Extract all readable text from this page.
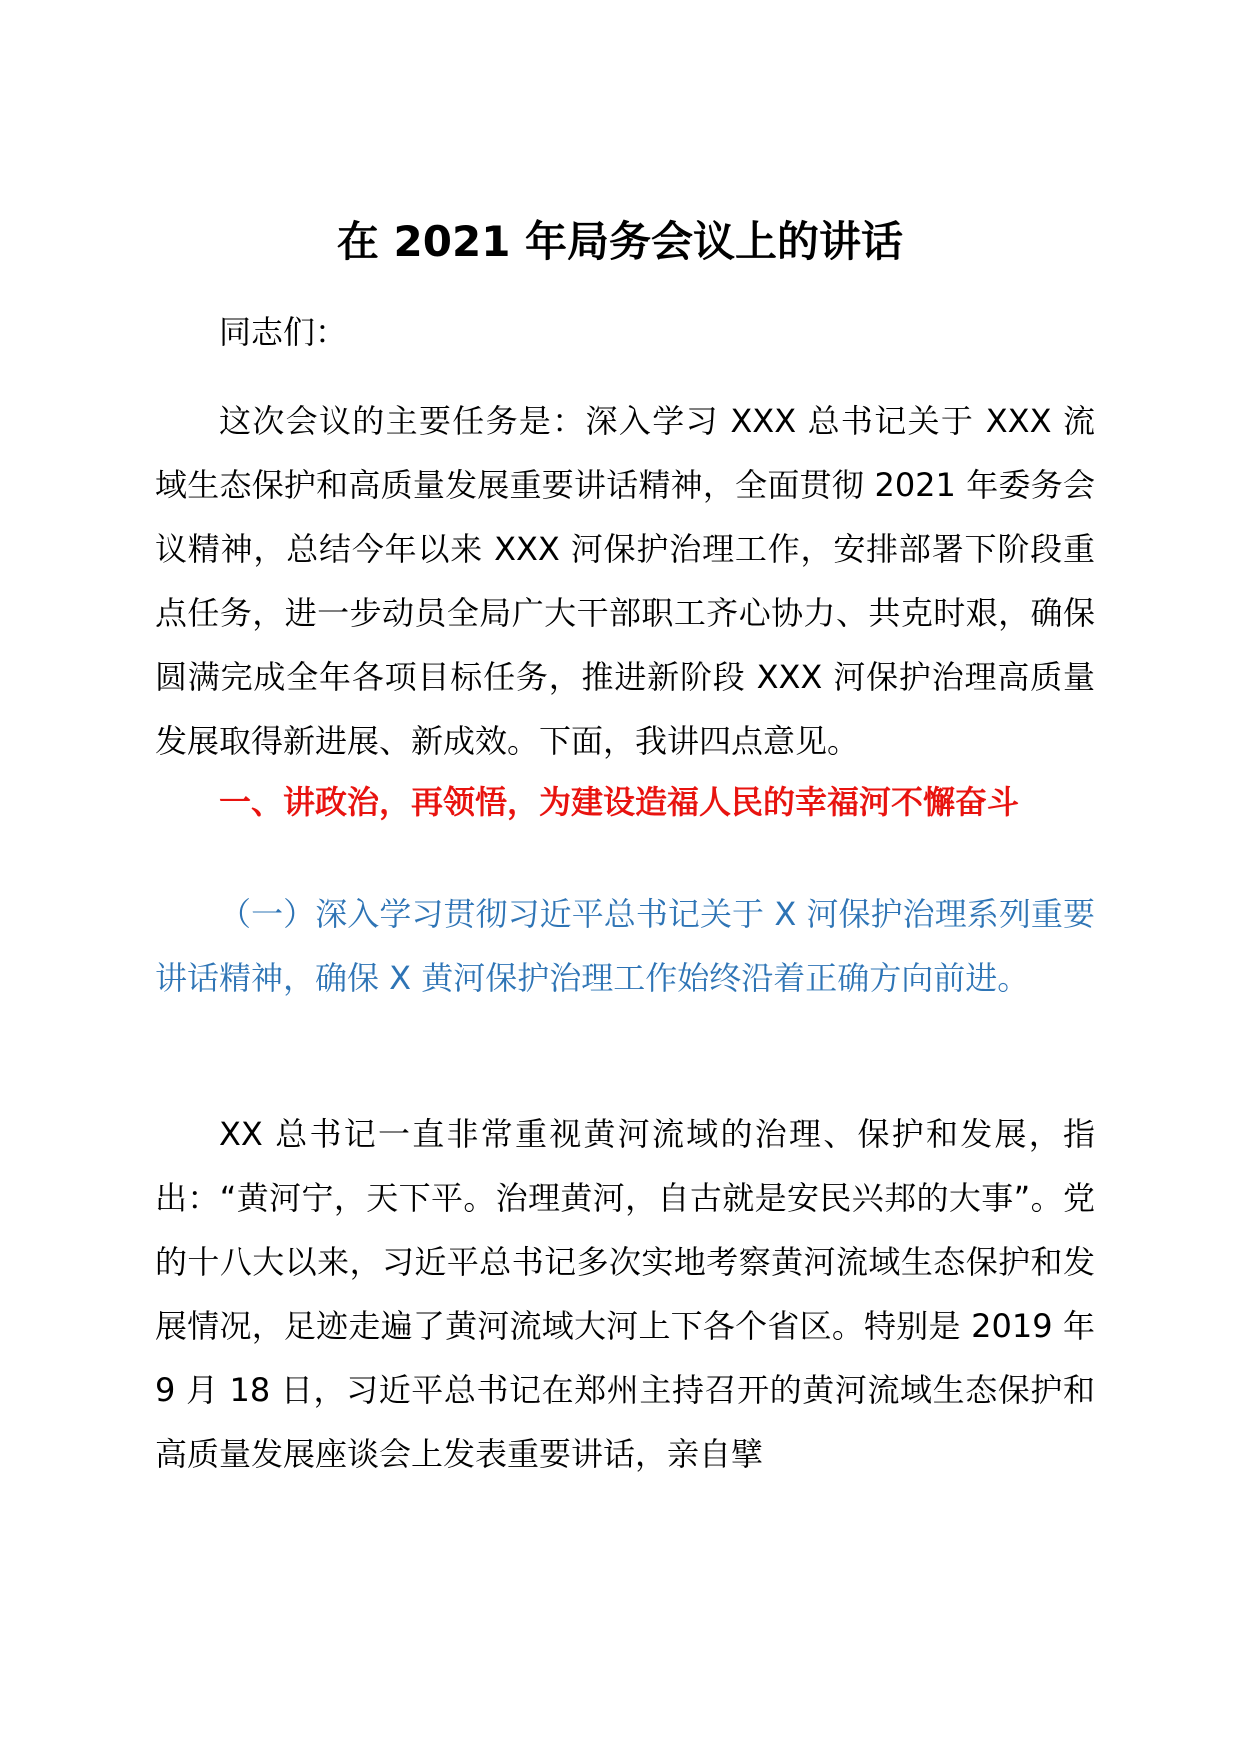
在 2021 年局务会议上的讲话

同志们：

这次会议的主要任务是：深入学习 XXX 总书记关于 XXX 流域生态保护和高质量发展重要讲话精神，全面贯彻 2021 年委务会议精神，总结今年以来 XXX 河保护治理工作，安排部署下阶段重点任务，进一步动员全局广大干部职工齐心协力、共克时艰，确保圆满完成全年各项目标任务，推进新阶段 XXX 河保护治理高质量发展取得新进展、新成效。下面，我讲四点意见。

一、讲政治，再领悟，为建设造福人民的幸福河不懈奋斗

（一）深入学习贯彻习近平总书记关于 X 河保护治理系列重要讲话精神，确保 X 黄河保护治理工作始终沿着正确方向前进。

XX 总书记一直非常重视黄河流域的治理、保护和发展，指出：“黄河宁，天下平。治理黄河，自古就是安民兴邦的大事”。党的十八大以来，习近平总书记多次实地考察黄河流域生态保护和发展情况，足迹走遍了黄河流域大河上下各个省区。特别是 2019 年 9 月 18 日，习近平总书记在郑州主持召开的黄河流域生态保护和高质量发展座谈会上发表重要讲话，亲自擘
